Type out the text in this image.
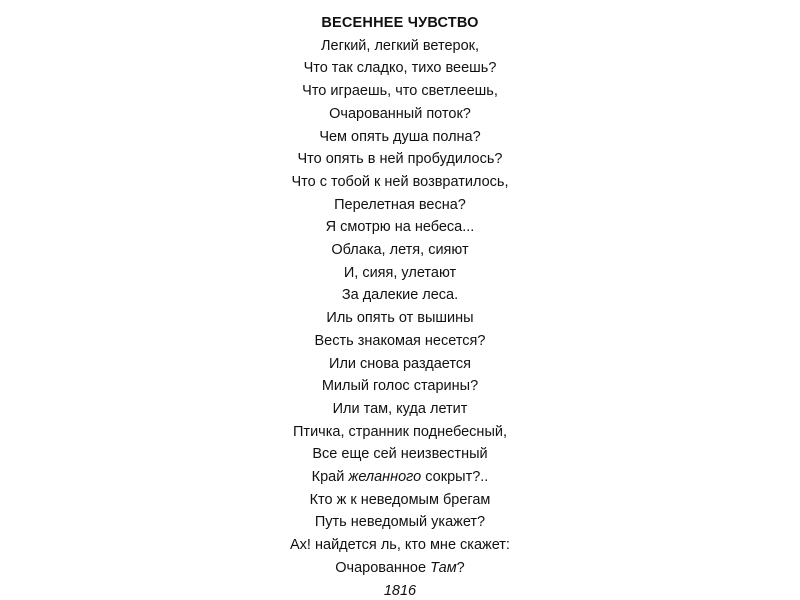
ВЕСЕННЕЕ ЧУВСТВО
Легкий, легкий ветерок,
Что так сладко, тихо веешь?
Что играешь, что светлеешь,
Очарованный поток?
Чем опять душа полна?
Что опять в ней пробудилось?
Что с тобой к ней возвратилось,
Перелетная весна?
Я смотрю на небеса...
Облака, летя, сияют
И, сияя, улетают
За далекие леса.
Иль опять от вышины
Весть знакомая несется?
Или снова раздается
Милый голос старины?
Или там, куда летит
Птичка, странник поднебесный,
Все еще сей неизвестный
Край желанного сокрыт?..
Кто ж к неведомым брегам
Путь неведомый укажет?
Ах! найдется ль, кто мне скажет:
Очарованное Там?
1816
